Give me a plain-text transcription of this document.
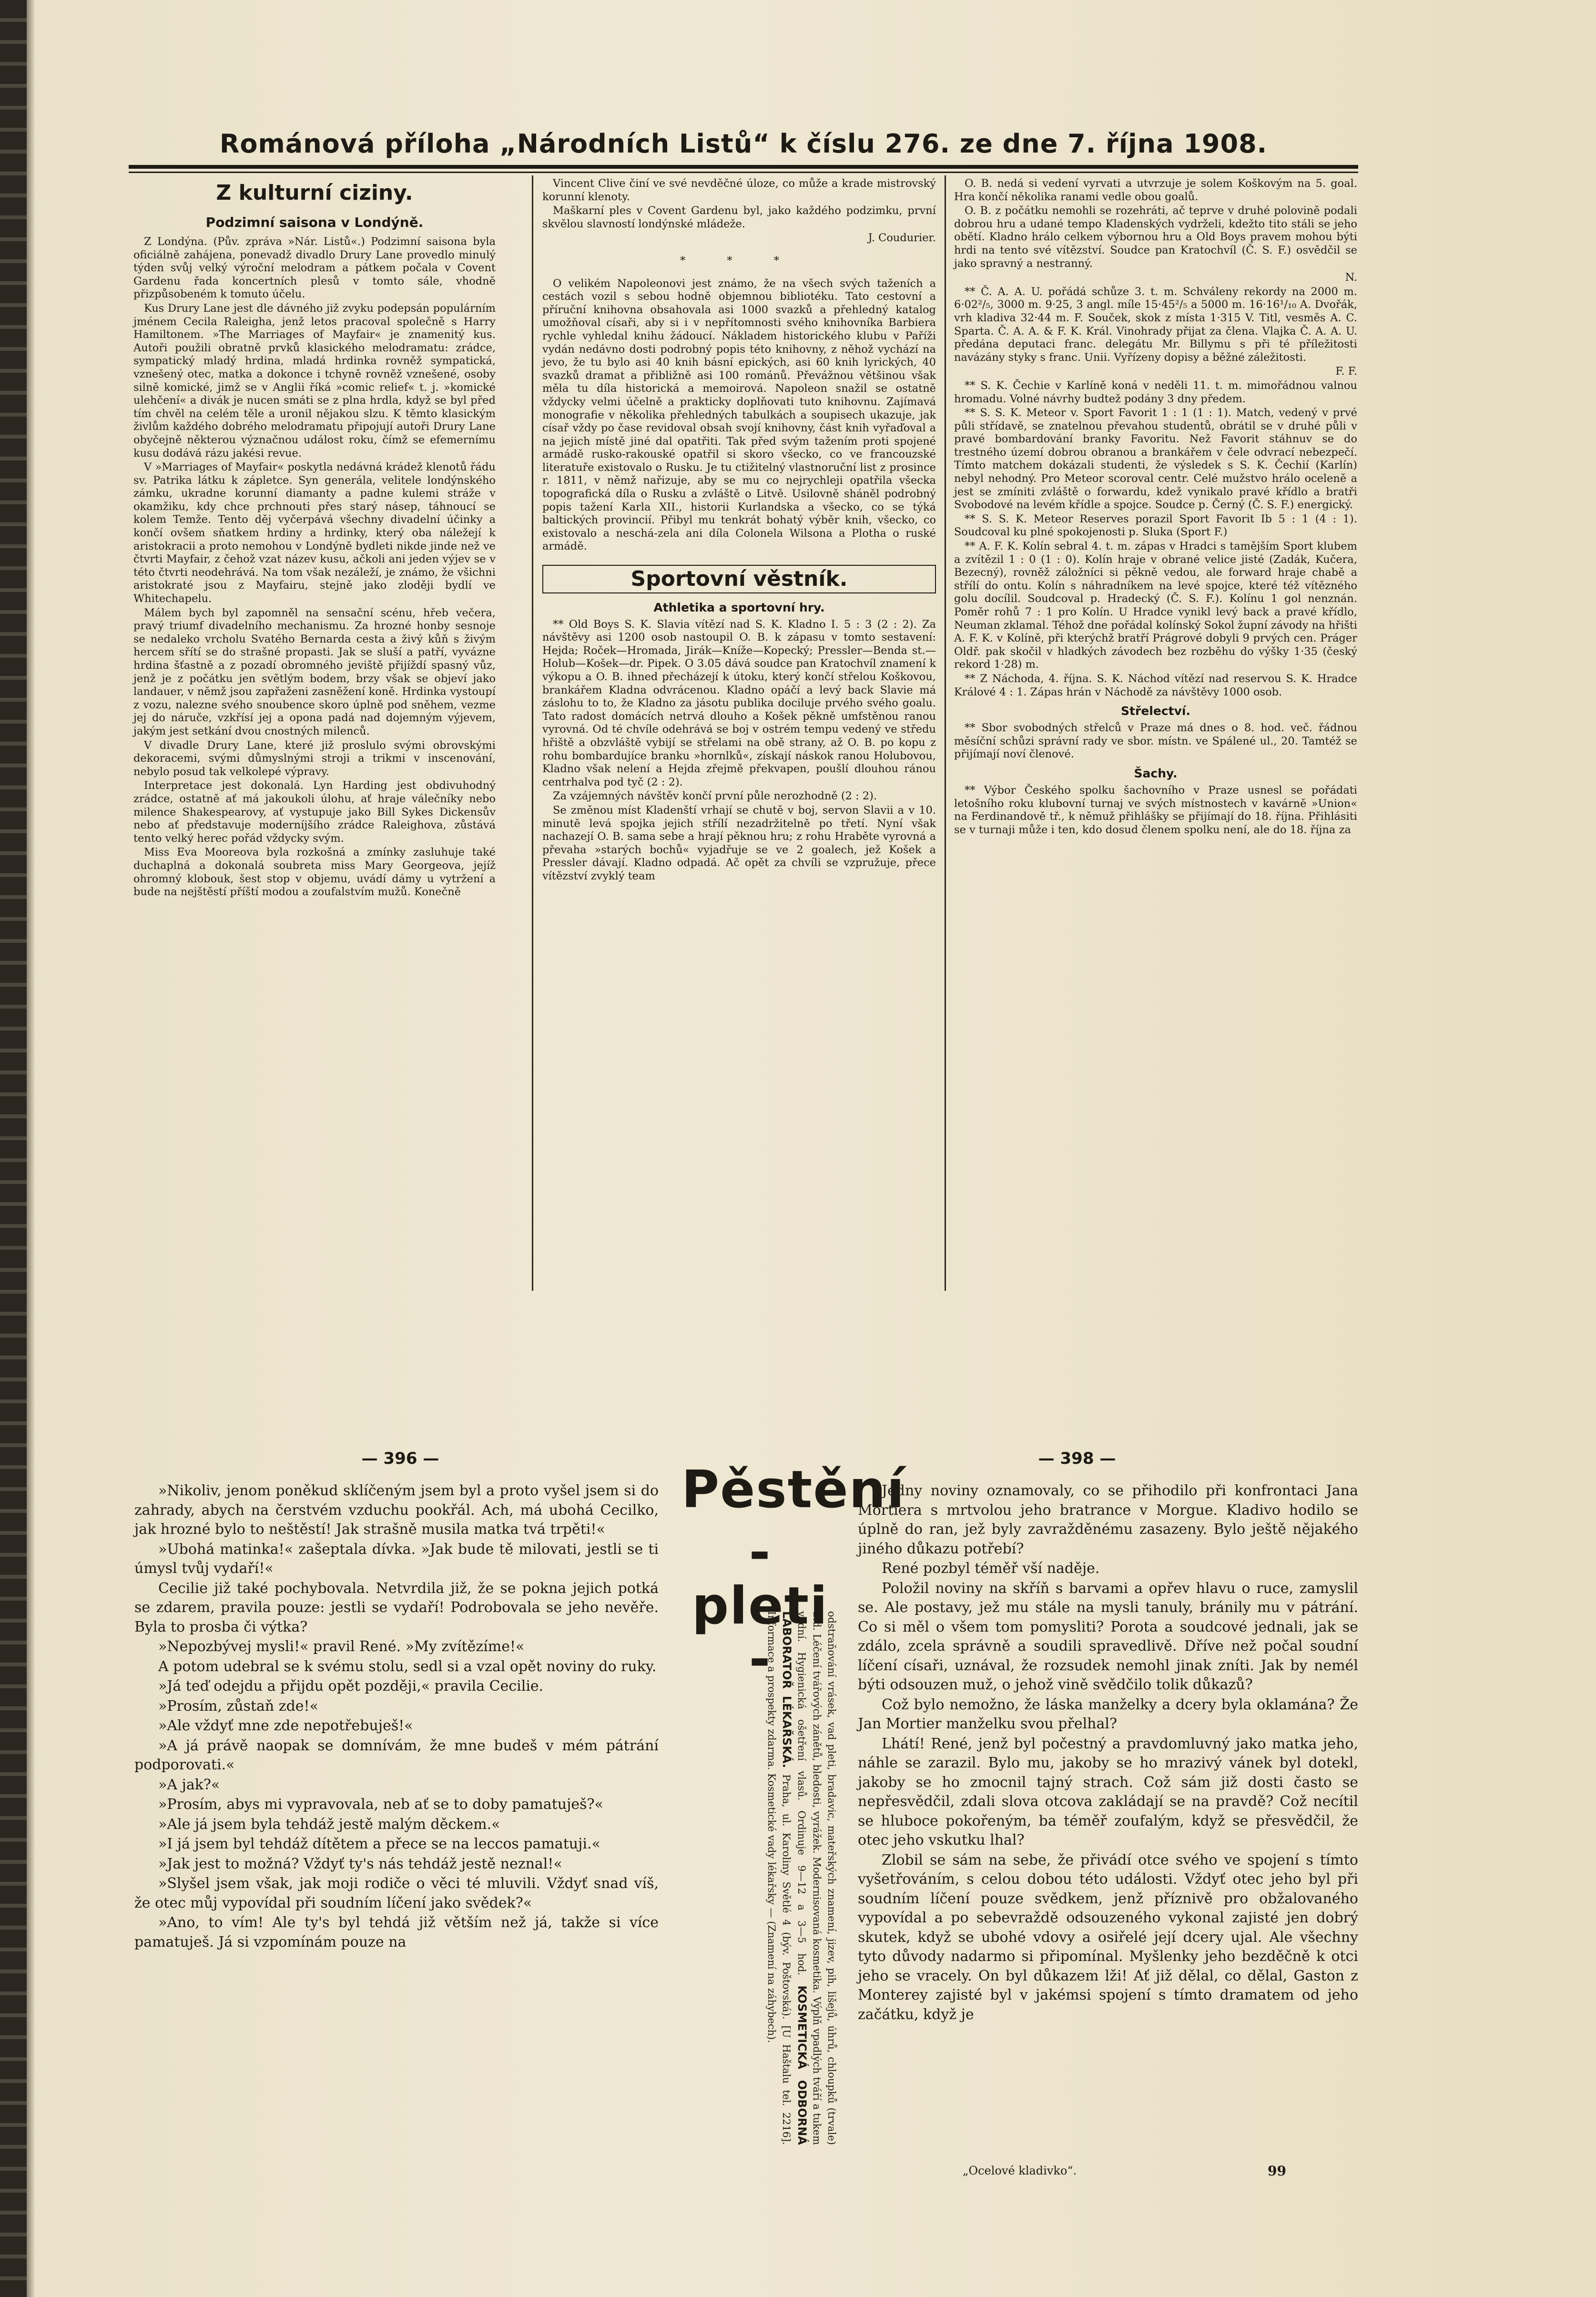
Románová příloha „Národních Listů“ k číslu 276. ze dne 7. října 1908.
Z kulturní ciziny.
Podzimní saisona v Londýně.

Z Londýna. (Pův. zpráva »Nár. Listů«.) Podzimní saisona byla oficiálně zahájena, ponevadž divadlo Drury Lane provedlo minulý týden svůj velký výroční melodram a pátkem počala v Covent Gardenu řada koncertních plesů v tomto sále, vhodně přizpůsobeném k tomuto účelu.

Kus Drury Lane jest dle dávného již zvyku podepsán populárním jménem Cecila Raleigha, jenž letos pracoval společně s Harry Hamiltonem. »The Marriages of Mayfair« je znamenitý kus. Autoři použili obratně prvků klasického melodramatu: zrádce, sympatický mladý hrdina, mladá hrdinka rovněž sympatická, vznešený otec, matka a dokonce i tchyně rovněž vznešené, osoby silně komické, jimž se v Anglii říká »comic relief« t. j. »komické ulehčení« a divák je nucen smáti se z plna hrdla, když se byl před tím chvěl na celém těle a uronil nějakou slzu. K těmto klasickým živlům každého dobrého melodramatu připojují autoři Drury Lane obyčejně některou význačnou událost roku, čímž se efemernímu kusu dodává rázu jakési revue.

V »Marriages of Mayfair« poskytla nedávná krádež klenotů řádu sv. Patrika látku k zápletce. Syn generála, velitele londýnského zámku, ukradne korunní diamanty a padne kulemi stráže v okamžiku, kdy chce prchnouti přes starý násep, táhnoucí se kolem Temže. Tento děj vyčerpává všechny divadelní účinky a končí ovšem sňatkem hrdiny a hrdinky, který oba náležejí k aristokracii a proto nemohou v Londýně bydleti nikde jinde než ve čtvrti Mayfair, z čehož vzat název kusu, ačkoli ani jeden výjev se v této čtvrti neodehrává. Na tom však nezáleží, je známo, že všichni aristokraté jsou z Mayfairu, stejně jako zloději bydlí ve Whitechapelu.

Málem bych byl zapomněl na sensační scénu, hřeb večera, pravý triumf divadelního mechanismu. Za hrozné honby sesnoje se nedaleko vrcholu Svatého Bernarda cesta a živý kůň s živým hercem sřítí se do strašné propasti. Jak se sluší a patří, vyvázne hrdina šťastně a z pozadí obromného jeviště přijíždí spasný vůz, jenž je z počátku jen světlým bodem, brzy však se objeví jako landauer, v němž jsou zapřaženi zasněžení koně. Hrdinka vystoupí z vozu, nalezne svého snoubence skoro úplně pod sněhem, vezme jej do náruče, vzkřísí jej a opona padá nad dojemným výjevem, jakým jest setkání dvou cnostných milenců.

V divadle Drury Lane, které již proslulo svými obrovskými dekoracemi, svými důmyslnými stroji a trikmi v inscenování, nebylo posud tak velkolepé výpravy.

Interpretace jest dokonalá. Lyn Harding jest obdivuhodný zrádce, ostatně ať má jakoukoli úlohu, ať hraje válečníky nebo milence Shakespearovy, ať vystupuje jako Bill Sykes Dickensův nebo ať představuje moderníjšího zrádce Raleighova, zůstává tento velký herec pořád vždycky svým.

Miss Eva Mooreova byla rozkošná a zmínky zasluhuje také duchaplná a dokonalá soubreta miss Mary Georgeova, jejíž ohromný klobouk, šest stop v objemu, uvádí dámy u vytržení a bude na nejštěstí příští modou a zoufalstvím mužů. Konečně

Vincent Clive činí ve své nevděčné úloze, co může a krade mistrovský korunní klenoty.

Maškarní ples v Covent Gardenu byl, jako každého podzimku, první skvělou slavností londýnské mládeže.

J. Coudurier.

* * *

O velikém Napoleonovi jest známo, že na všech svých taženích a cestách vozil s sebou hodně objemnou bibliotéku. Tato cestovní a příruční knihovna obsahovala asi 1000 svazků a přehledný katalog umožňoval císaři, aby si i v nepřítomnosti svého knihovníka Barbiera rychle vyhledal knihu žádoucí. Nákladem historického klubu v Paříži vydán nedávno dosti podrobný popis této knihovny, z něhož vychází na jevo, že tu bylo asi 40 knih básní epických, asi 60 knih lyrických, 40 svazků dramat a přibližně asi 100 románů. Převážnou většinou však měla tu díla historická a memoirová. Napoleon snažil se ostatně vždycky velmi účelně a prakticky doplňovati tuto knihovnu. Zajímavá monografie v několika přehledných tabulkách a soupisech ukazuje, jak císař vždy po čase revidoval obsah svojí knihovny, část knih vyřaďoval a na jejich místě jiné dal opatřiti. Tak před svým tažením proti spojené armádě rusko-rakouské opatřil si skoro všecko, co ve francouzské literatuře existovalo o Rusku. Je tu ctižitelný vlastnoruční list z prosince r. 1811, v němž nařizuje, aby se mu co nejrychleji opatřila všecka topografická díla o Rusku a zvláště o Litvě. Usilovně sháněl podrobný popis tažení Karla XII., historii Kurlandska a všecko, co se týká baltických provincií. Přibyl mu tenkrát bohatý výběr knih, všecko, co existovalo a neschá-zela ani díla Colonela Wilsona a Plotha o ruské armádě.

Sportovní věstník.
Athletika a sportovní hry.

** Old Boys S. K. Slavia vítězí nad S. K. Kladno I. 5 : 3 (2 : 2). Za návštěvy asi 1200 osob nastoupil O. B. k zápasu v tomto sestavení: Hejda; Roček—Hromada, Jirák—Kníže—Kopecký; Pressler—Benda st.—Holub—Košek—dr. Pipek. O 3.05 dává soudce pan Kratochvíl znamení k výkopu a O. B. ihned přecházejí k útoku, který končí střelou Koškovou, brankářem Kladna odvrácenou. Kladno opáčí a levý back Slavie má záslohu to to, že Kladno za jásotu publika dociluje prvého svého goalu. Tato radost domácích netrvá dlouho a Košek pěkně umfstěnou ranou vyrovná. Od té chvíle odehrává se boj v ostrém tempu vedený ve středu hřiště a obzvláště vybijí se střelami na obě strany, až O. B. po kopu z rohu bombardujíce branku »hornlků«, získají náskok ranou Holubovou, Kladno však nelení a Hejda zřejmě překvapen, poušlí dlouhou ránou centrhalva pod tyč (2 : 2).

Za vzájemných návštěv končí první půle nerozhodně (2 : 2).

Se změnou míst Kladenští vrhají se chutě v boj, servon Slavii a v 10. minutě levá spojka jejich střílí nezadržitelně po třetí. Nyní však nachazejí O. B. sama sebe a hrají pěknou hru; z rohu Hraběte vyrovná a převaha »starých bochů« vyjadřuje se ve 2 goalech, jež Košek a Pressler dávají. Kladno odpadá. Ač opět za chvíli se vzpružuje, přece vítězství zvyklý team

O. B. nedá si vedení vyrvati a utvrzuje je solem Koškovým na 5. goal. Hra končí několika ranami vedle obou goalů.

O. B. z počátku nemohli se rozehráti, ač teprve v druhé polovině podali dobrou hru a udané tempo Kladenských vydrželi, kdežto tito stáli se jeho obětí. Kladno hrálo celkem výbornou hru a Old Boys pravem mohou býti hrdi na tento své vítězství. Soudce pan Kratochvíl (Č. S. F.) osvědčil se jako spravný a nestranný.

N.

** Č. A. A. U. pořádá schůze 3. t. m. Schváleny rekordy na 2000 m. 6·02²/₅, 3000 m. 9·25, 3 angl. míle 15·45²/₅ a 5000 m. 16·16¹/₁₀ A. Dvořák, vrh kladiva 32·44 m. F. Souček, skok z místa 1·315 V. Titl, vesměs A. C. Sparta. Č. A. A. & F. K. Král. Vinohrady přijat za člena. Vlajka Č. A. A. U. předána deputaci franc. delegátu Mr. Billymu s při té příležitosti navázány styky s franc. Unii. Vyřízeny dopisy a běžné záležitosti.

F. F.

** S. K. Čechie v Karlíně koná v neděli 11. t. m. mimořádnou valnou hromadu. Volné návrhy budtež podány 3 dny předem.

** S. S. K. Meteor v. Sport Favorit 1 : 1 (1 : 1). Match, vedený v prvé půli střídavě, se znatelnou převahou studentů, obrátil se v druhé půli v pravé bombardování branky Favoritu. Než Favorit stáhnuv se do trestného území dobrou obranou a brankářem v čele odvrací nebezpečí. Tímto matchem dokázali studenti, že výsledek s S. K. Čechií (Karlín) nebyl nehodný. Pro Meteor scoroval centr. Celé mužstvo hrálo oceleně a jest se zmíniti zvláště o forwardu, kdež vynikalo pravé křídlo a bratři Svobodové na levém křídle a spojce. Soudce p. Černý (Č. S. F.) energický.

** S. S. K. Meteor Reserves porazil Sport Favorit Ib 5 : 1 (4 : 1). Soudcoval ku plné spokojenosti p. Sluka (Sport F.)

** A. F. K. Kolín sebral 4. t. m. zápas v Hradci s tamějším Sport klubem a zvítězil 1 : 0 (1 : 0). Kolín hraje v obrané velice jisté (Zadák, Kučera, Bezecný), rovněž záložníci si pěkně vedou, ale forward hraje chabě a střílí do ontu. Kolín s náhradníkem na levé spojce, které též vítězného golu docílil. Soudcoval p. Hradecký (Č. S. F.). Kolínu 1 gol nenznán. Poměr rohů 7 : 1 pro Kolín. U Hradce vynikl levý back a pravé křídlo, Neuman zklamal. Téhož dne pořádal kolínský Sokol župní závody na hřišti A. F. K. v Kolíně, při kterýchž bratří Prágrové dobyli 9 prvých cen. Práger Oldř. pak skočil v hladkých závodech bez rozběhu do výšky 1·35 (český rekord 1·28) m.

** Z Náchoda, 4. října. S. K. Náchod vítězí nad reservou S. K. Hradce Králové 4 : 1. Zápas hrán v Náchodě za návštěvy 1000 osob.

Střelectví.

** Sbor svobodných střelců v Praze má dnes o 8. hod. več. řádnou měsíční schůzi správní rady ve sbor. místn. ve Spálené ul., 20. Tamtéž se přijímají noví členové.

Šachy.

** Výbor Českého spolku šachovního v Praze usnesl se pořádati letošního roku klubovní turnaj ve svých místnostech v kavárně »Union« na Ferdinandově tř., k němuž přihlášky se přijímají do 18. října. Přihlásiti se v turnaji může i ten, kdo dosud členem spolku není, ale do 18. října za

— 396 —	— 398 —

»Nikoliv, jenom poněkud sklíčeným jsem byl a proto vyšel jsem si do zahrady, abych na čerstvém vzduchu pookřál. Ach, má ubohá Cecilko, jak hrozné bylo to neštěstí! Jak strašně musila matka tvá trpěti!«

»Ubohá matinka!« zašeptala dívka. »Jak bude tě milovati, jestli se ti úmysl tvůj vydaří!«

Cecilie již také pochybovala. Netvrdila již, že se pokna jejich potká se zdarem, pravila pouze: jestli se vydaří! Podrobovala se jeho nevěře. Byla to prosba či výtka?

»Nepozbývej mysli!« pravil René. »My zvítězíme!«

A potom udebral se k svému stolu, sedl si a vzal opět noviny do ruky.

»Já teď odejdu a přijdu opět později,« pravila Cecilie.

»Prosím, zůstaň zde!«

»Ale vždyť mne zde nepotřebuješ!«

»A já právě naopak se domnívám, že mne budeš v mém pátrání podporovati.«

»A jak?«

»Prosím, abys mi vypravovala, neb ať se to doby pamatuješ?«

»Ale já jsem byla tehdáž jestě malým děckem.«

»I já jsem byl tehdáž dítětem a přece se na leccos pamatuji.«

»Jak jest to možná? Vždyť ty's nás tehdáž jestě neznal!«

»Slyšel jsem však, jak moji rodiče o věci té mluvili. Vždyť snad víš, že otec můj vypovídal při soudním líčení jako svědek?«

»Ano, to vím! Ale ty's byl tehdá již větším než já, takže si více pamatuješ. Já si vzpomínám pouze na

Pěstění
- pleti -	odstraňování vrásek, vad pleti, bradavic, mateřských znamení, jizev, pih, lišejů, úhrů, chloupků (trvale) atd. Léčení tvářových zánětů, bledosti, vyrážek. Modernisovaná kosmetika. Výplň vpadlých tváří a tukem vadní. Hygienická ošetření vlasů. Ordinuje 9—12 a 3—5 hod. KOSMETICKÁ ODBORNÁ LABORATOŘ LÉKAŘSKÁ. Praha, ul. Karoliny Světlé 4 (býv. Poštovská). [U Haštalu tel. 2216]. Informace a prospekty zdarma. Kosmetické vady lékařsky — (Znamení na záhybech).

Jedny noviny oznamovaly, co se přihodilo při konfrontaci Jana Mortiera s mrtvolou jeho bratrance v Morgue. Kladivo hodilo se úplně do ran, jež byly zavražděnému zasazeny. Bylo ještě nějakého jiného důkazu potřebí?

René pozbyl téměř vší naděje.

Položil noviny na skříň s barvami a opřev hlavu o ruce, zamyslil se. Ale postavy, jež mu stále na mysli tanuly, bránily mu v pátrání. Co si měl o všem tom pomysliti? Porota a soudcové jednali, jak se zdálo, zcela správně a soudili spravedlivě. Dříve než počal soudní líčení císaři, uznával, že rozsudek nemohl jinak zníti. Jak by nemél býti odsouzen muž, o jehož vině svědčilo tolik důkazů?

Což bylo nemožno, že láska manželky a dcery byla oklamána? Že Jan Mortier manželku svou přelhal?

Lhátí! René, jenž byl počestný a pravdomluvný jako matka jeho, náhle se zarazil. Bylo mu, jakoby se ho mrazivý vánek byl dotekl, jakoby se ho zmocnil tajný strach. Což sám již dosti často se nepřesvědčil, zdali slova otcova zakládají se na pravdě? Což necítil se hluboce pokořeným, ba téměř zoufalým, když se přesvědčil, že otec jeho vskutku lhal?

Zlobil se sám na sebe, že přivádí otce svého ve spojení s tímto vyšetřováním, s celou dobou této události. Vždyť otec jeho byl při soudním líčení pouze svědkem, jenž příznivě pro obžalovaného vypovídal a po sebevraždě odsouzeného vykonal zajisté jen dobrý skutek, když se ubohé vdovy a osiřelé její dcery ujal. Ale všechny tyto důvody nadarmo si připomínal. Myšlenky jeho bezděčně k otci jeho se vracely. On byl důkazem lži! Ať již dělal, co dělal, Gaston z Monterey zajisté byl v jakémsi spojení s tímto dramatem od jeho začátku, když je

„Ocelové kladivko“.	99
